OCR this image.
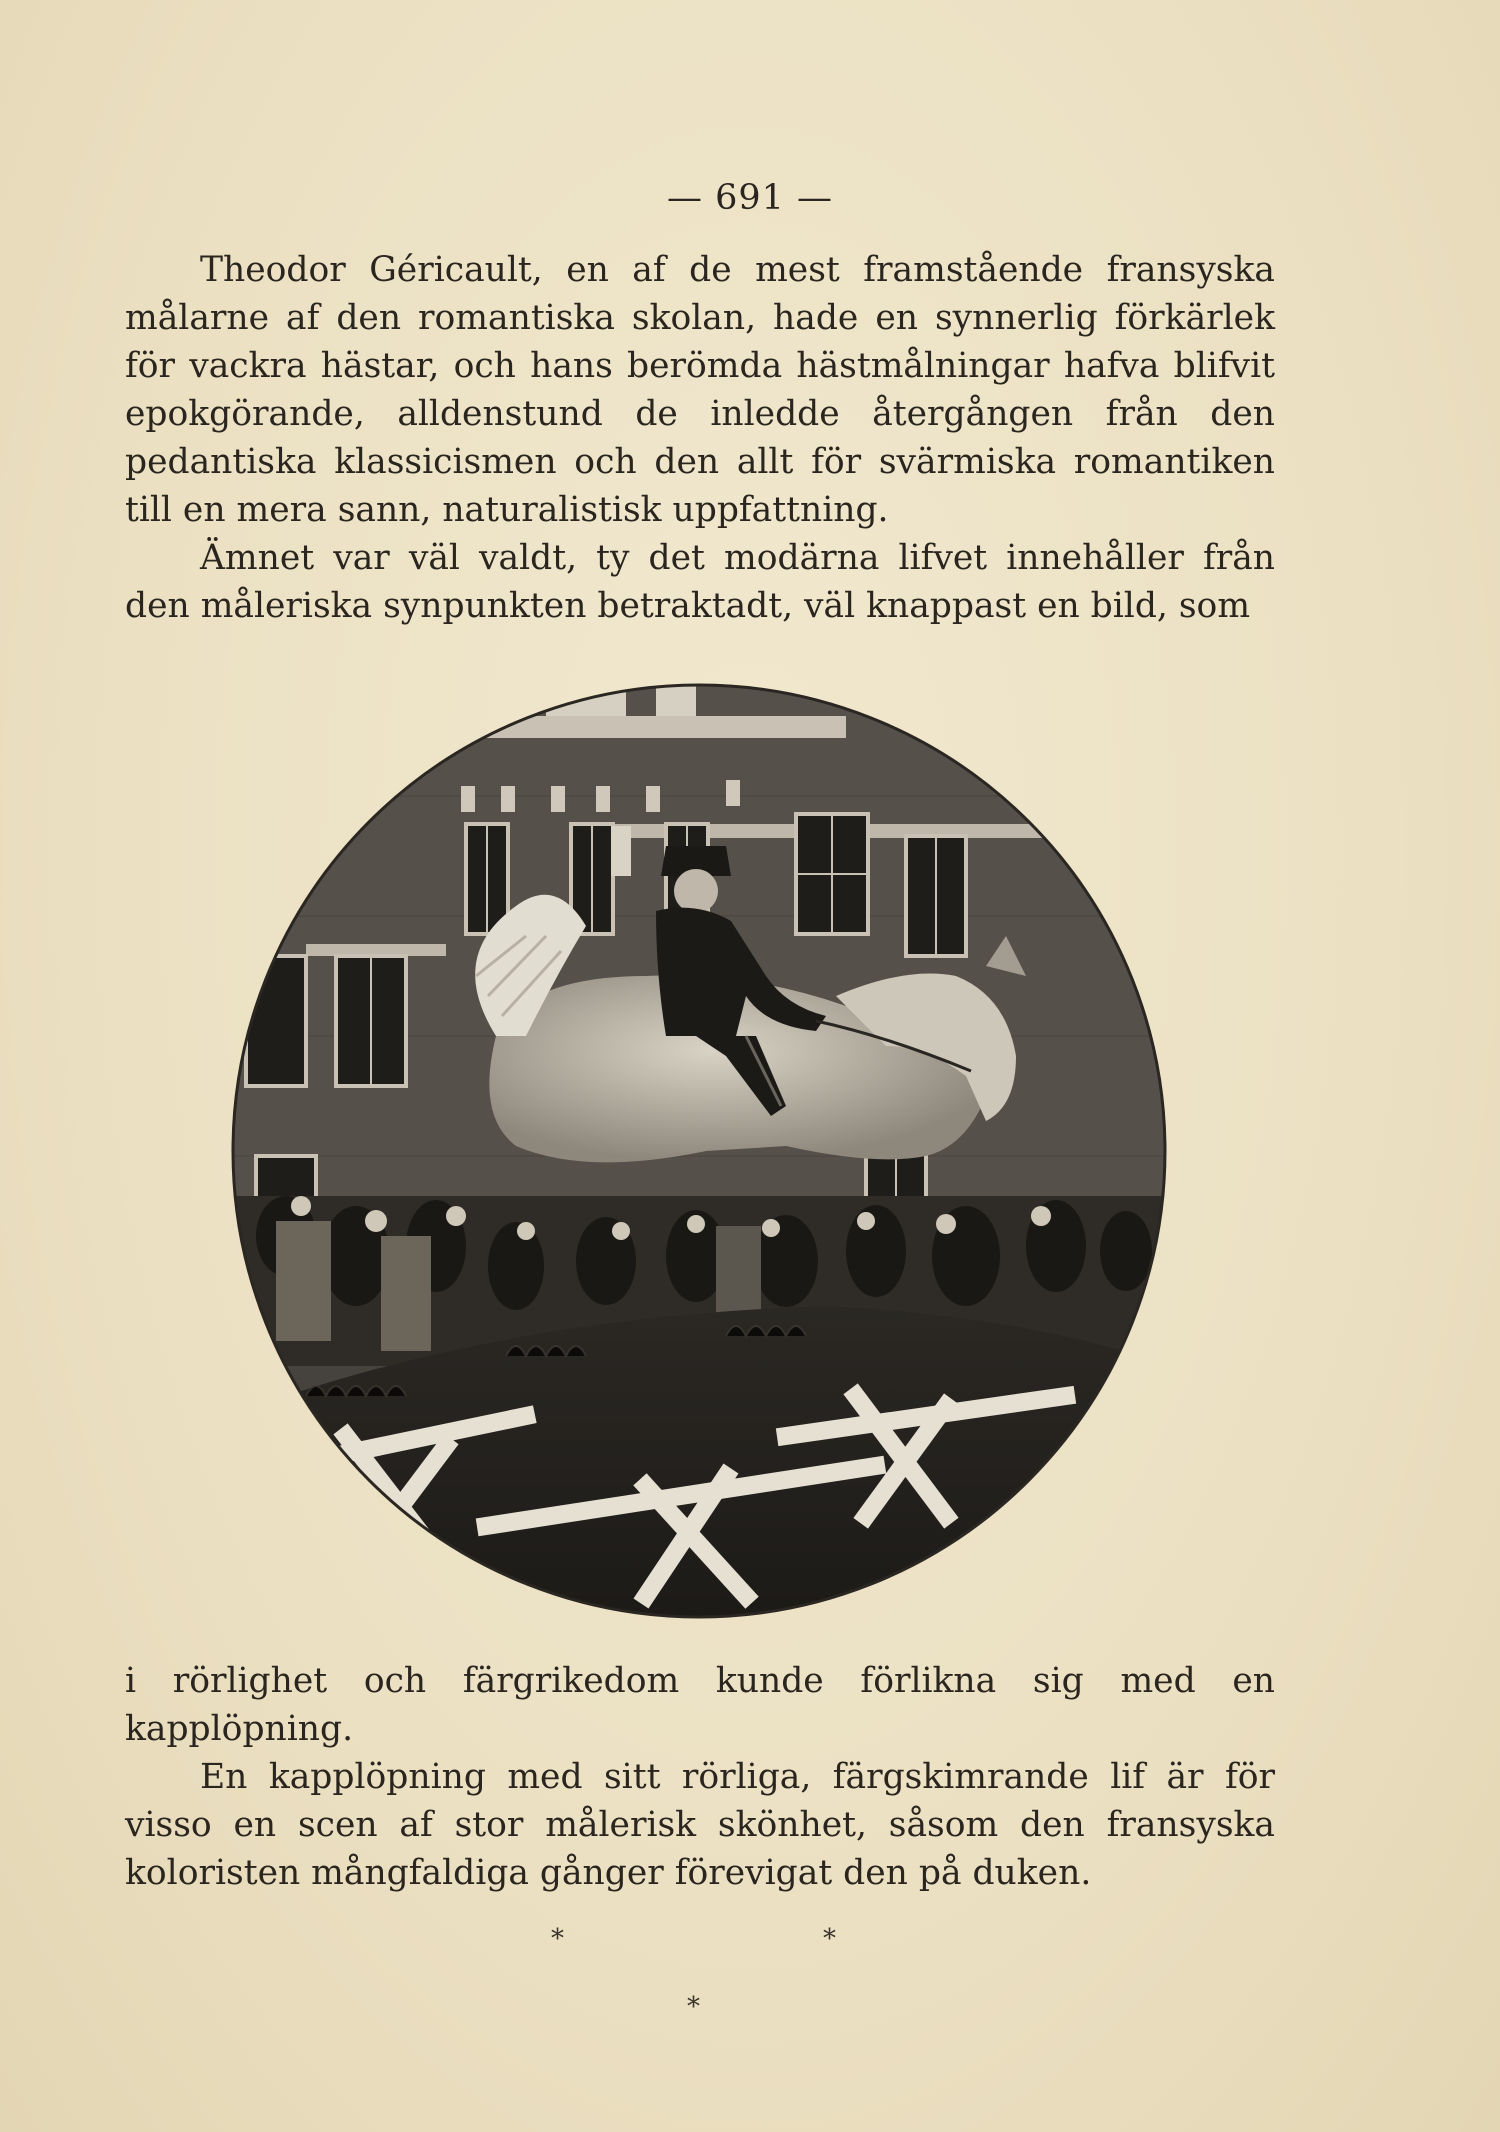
— 691 —

Theodor Géricault, en af de mest framstående fransyska målarne af den romantiska skolan, hade en synnerlig förkärlek för vackra hästar, och hans berömda hästmålningar hafva blifvit epokgörande, alldenstund de inledde återgången från den pedantiska klassicismen och den allt för svärmiska romantiken till en mera sann, naturalistisk uppfattning.

Ämnet var väl valdt, ty det modärna lifvet innehåller från den måleriska synpunkten betraktadt, väl knappast en bild, som

i rörlighet och färgrikedom kunde förlikna sig med en kapplöpning.

En kapplöpning med sitt rörliga, färgskimrande lif är för visso en scen af stor målerisk skönhet, såsom den fransyska koloristen mångfaldiga gånger förevigat den på duken.

*	*
*
